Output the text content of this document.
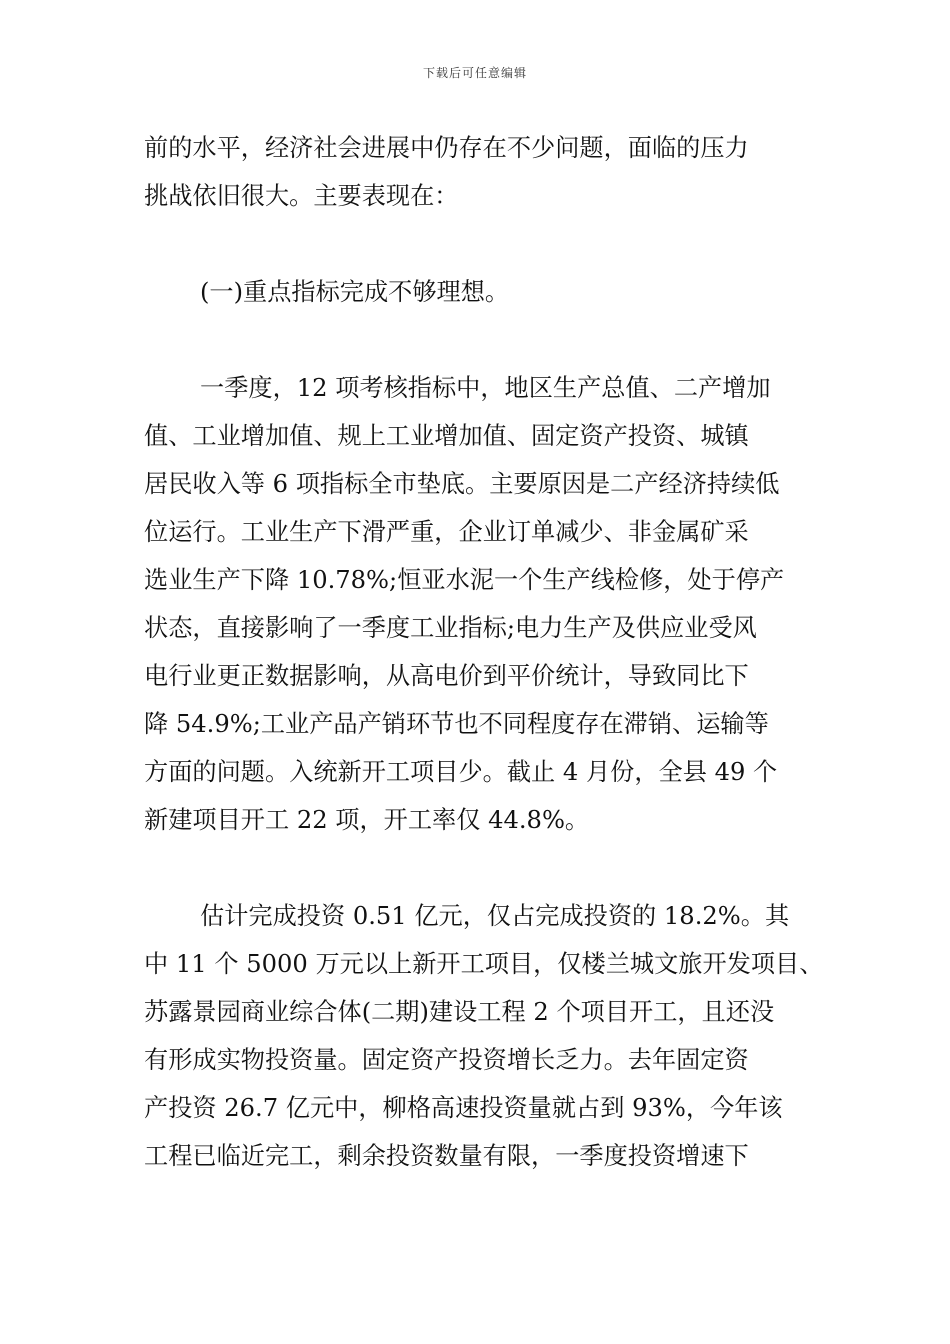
下载后可任意编辑
前的水平，经济社会进展中仍存在不少问题，面临的压力
挑战依旧很大。主要表现在：
(一)重点指标完成不够理想。
一季度，12 项考核指标中，地区生产总值、二产增加
值、工业增加值、规上工业增加值、固定资产投资、城镇
居民收入等 6 项指标全市垫底。主要原因是二产经济持续低
位运行。工业生产下滑严重，企业订单减少、非金属矿采
选业生产下降 10.78%;恒亚水泥一个生产线检修，处于停产
状态，直接影响了一季度工业指标;电力生产及供应业受风
电行业更正数据影响，从高电价到平价统计，导致同比下
降 54.9%;工业产品产销环节也不同程度存在滞销、运输等
方面的问题。入统新开工项目少。截止 4 月份，全县 49 个
新建项目开工 22 项，开工率仅 44.8%。
估计完成投资 0.51 亿元，仅占完成投资的 18.2%。其
中 11 个 5000 万元以上新开工项目，仅楼兰城文旅开发项目、
苏露景园商业综合体(二期)建设工程 2 个项目开工，且还没
有形成实物投资量。固定资产投资增长乏力。去年固定资
产投资 26.7 亿元中，柳格高速投资量就占到 93%，今年该
工程已临近完工，剩余投资数量有限，一季度投资增速下
